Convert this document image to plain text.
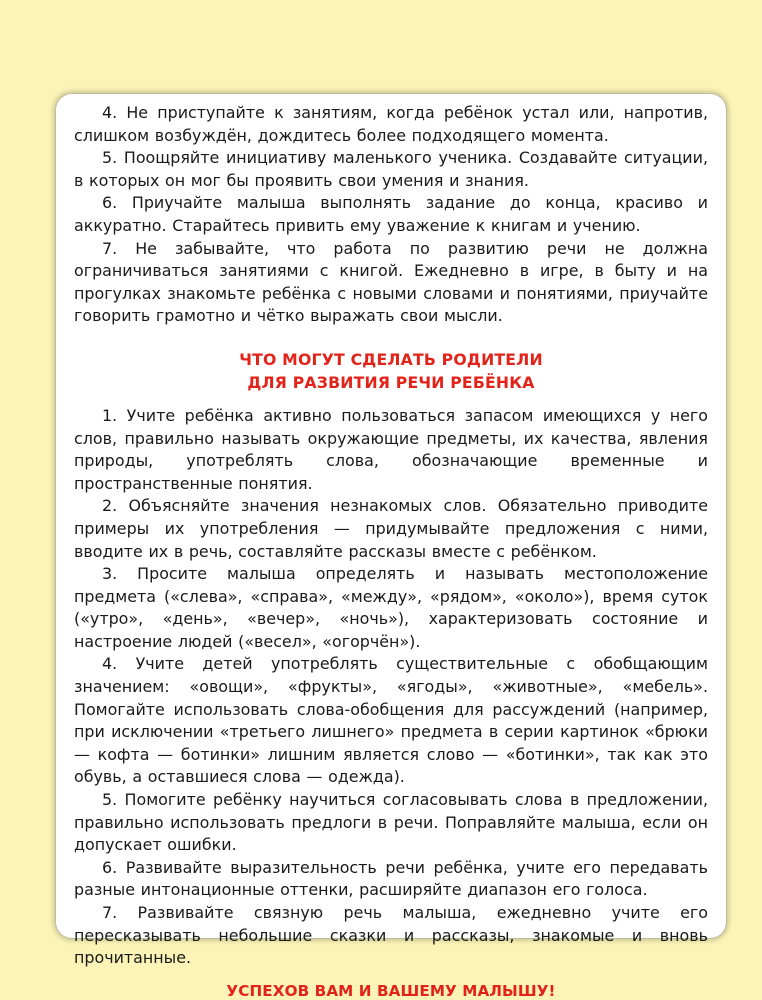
4. Не приступайте к занятиям, когда ребёнок устал или, напротив, слишком возбуждён, дождитесь более подходящего момента.

5. Поощряйте инициативу маленького ученика. Создавайте ситуации, в которых он мог бы проявить свои умения и знания.

6. Приучайте малыша выполнять задание до конца, красиво и аккуратно. Старайтесь привить ему уважение к книгам и учению.

7. Не забывайте, что работа по развитию речи не должна ограничиваться занятиями с книгой. Ежедневно в игре, в быту и на прогулках знакомьте ребёнка с новыми словами и понятиями, приучайте говорить грамотно и чётко выражать свои мысли.

ЧТО МОГУТ СДЕЛАТЬ РОДИТЕЛИ
ДЛЯ РАЗВИТИЯ РЕЧИ РЕБЁНКА

1. Учите ребёнка активно пользоваться запасом имеющихся у него слов, правильно называть окружающие предметы, их качества, явления природы, употреблять слова, обозначающие временные и пространственные понятия.

2. Объясняйте значения незнакомых слов. Обязательно приводите примеры их употребления — придумывайте предложения с ними, вводите их в речь, составляйте рассказы вместе с ребёнком.

3. Просите малыша определять и называть местоположение предмета («слева», «справа», «между», «рядом», «около»), время суток («утро», «день», «вечер», «ночь»), характеризовать состояние и настроение людей («весел», «огорчён»).

4. Учите детей употреблять существительные с обобщающим значением: «овощи», «фрукты», «ягоды», «животные», «мебель». Помогайте использовать слова-обобщения для рассуждений (например, при исключении «третьего лишнего» предмета в серии картинок «брюки — кофта — ботинки» лишним является слово — «ботинки», так как это обувь, а оставшиеся слова — одежда).

5. Помогите ребёнку научиться согласовывать слова в предложении, правильно использовать предлоги в речи. Поправляйте малыша, если он допускает ошибки.

6. Развивайте выразительность речи ребёнка, учите его передавать разные интонационные оттенки, расширяйте диапазон его голоса.

7. Развивайте связную речь малыша, ежедневно учите его пересказывать небольшие сказки и рассказы, знакомые и вновь прочитанные.

УСПЕХОВ ВАМ И ВАШЕМУ МАЛЫШУ!
